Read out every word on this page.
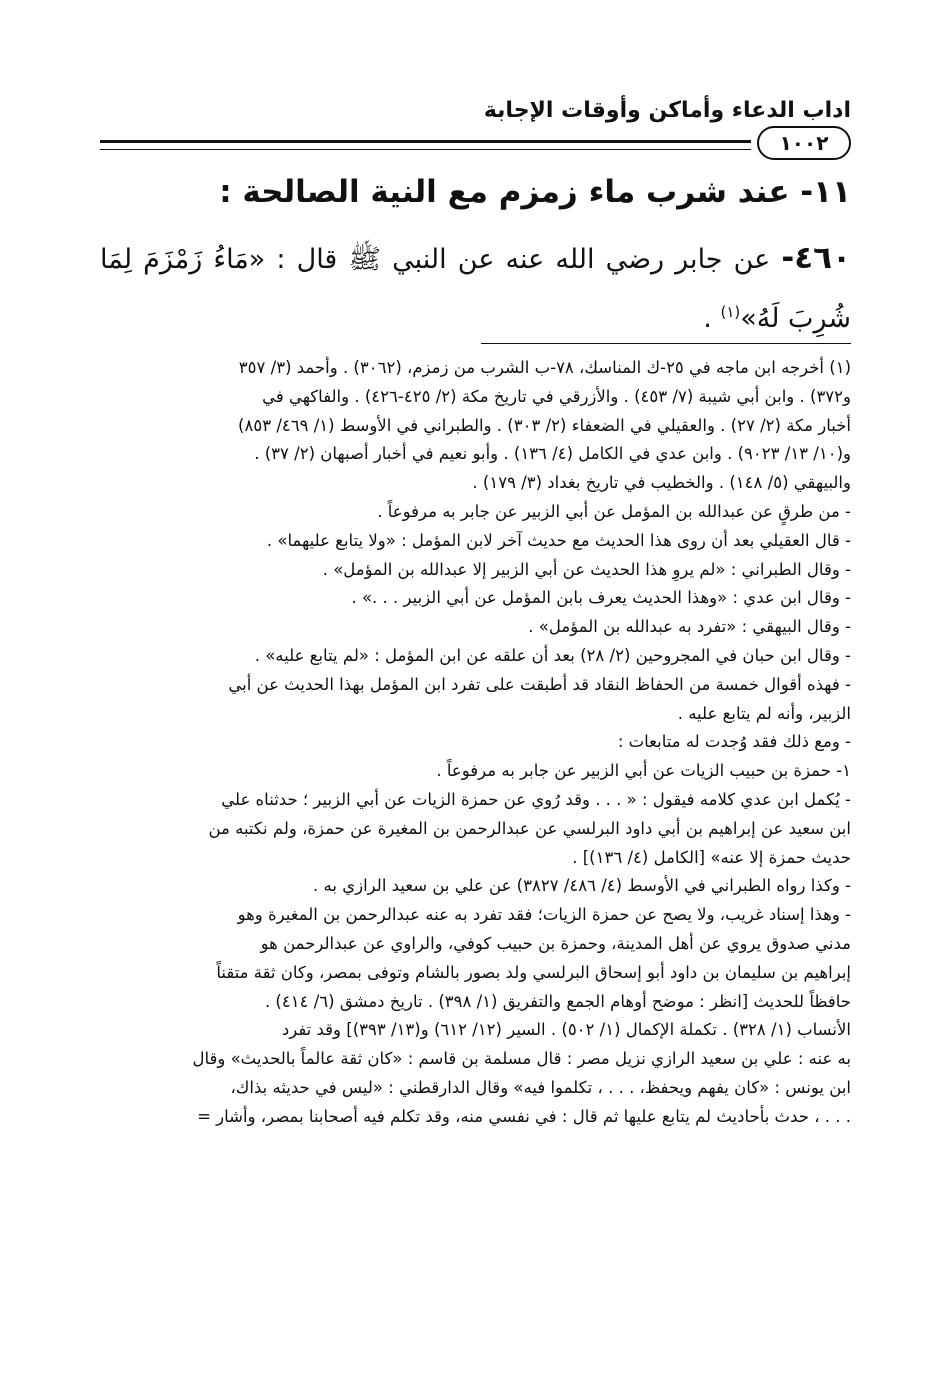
اداب الدعاء وأماكن وأوقات الإجابة
١٠٠٢
١١- عند شرب ماء زمزم مع النية الصالحة :
٤٦٠- عن جابر رضي الله عنه عن النبي ﷺ قال : «مَاءُ زَمْزَمَ لِمَا شُرِبَ لَهُ»$^{(١)}$ .
(١) أخرجه ابن ماجه في ٢٥-ك المناسك، ٧٨-ب الشرب من زمزم، (٣٠٦٢) . وأحمد (٣/ ٣٥٧
و٣٧٢) . وابن أبي شيبة (٧/ ٤٥٣) . والأزرقي في تاريخ مكة (٢/ ٤٢٥-٤٢٦) . والفاكهي في
أخبار مكة (٢/ ٢٧) . والعقيلي في الضعفاء (٢/ ٣٠٣) . والطبراني في الأوسط (١/ ٤٦٩/ ٨٥٣)
و(١٠/ ١٣/ ٩٠٢٣) . وابن عدي في الكامل (٤/ ١٣٦) . وأبو نعيم في أخبار أصبهان (٢/ ٣٧) .
والبيهقي (٥/ ١٤٨) . والخطيب في تاريخ بغداد (٣/ ١٧٩) .
- من طرقٍ عن عبدالله بن المؤمل عن أبي الزبير عن جابر به مرفوعاً .
- قال العقيلي بعد أن روى هذا الحديث مع حديث آخر لابن المؤمل : «ولا يتابع عليهما» .
- وقال الطبراني : «لم يروِ هذا الحديث عن أبي الزبير إلا عبدالله بن المؤمل» .
- وقال ابن عدي : «وهذا الحديث يعرف بابن المؤمل عن أبي الزبير . . .» .
- وقال البيهقي : «تفرد به عبدالله بن المؤمل» .
- وقال ابن حبان في المجروحين (٢/ ٢٨) بعد أن علقه عن ابن المؤمل : «لم يتابع عليه» .
- فهذه أقوال خمسة من الحفاظ النقاد قد أطبقت على تفرد ابن المؤمل بهذا الحديث عن أبي
الزبير، وأنه لم يتابع عليه .
- ومع ذلك فقد وُجدت له متابعات :
١- حمزة بن حبيب الزيات عن أبي الزبير عن جابر به مرفوعاً .
- يُكمل ابن عدي كلامه فيقول : « . . . وقد رُوي عن حمزة الزيات عن أبي الزبير ؛ حدثناه علي
ابن سعيد عن إبراهيم بن أبي داود البرلسي عن عبدالرحمن بن المغيرة عن حمزة، ولم نكتبه من
حديث حمزة إلا عنه» [الكامل (٤/ ١٣٦)] .
- وكذا رواه الطبراني في الأوسط (٤/ ٤٨٦/ ٣٨٢٧) عن علي بن سعيد الرازي به .
- وهذا إسناد غريب، ولا يصح عن حمزة الزيات؛ فقد تفرد به عنه عبدالرحمن بن المغيرة وهو
مدني صدوق يروي عن أهل المدينة، وحمزة بن حبيب كوفي، والراوي عن عبدالرحمن هو
إبراهيم بن سليمان بن داود أبو إسحاق البرلسي ولد بصور بالشام وتوفى بمصر، وكان ثقة متقناً
حافظاً للحديث [انظر : موضح أوهام الجمع والتفريق (١/ ٣٩٨) . تاريخ دمشق (٦/ ٤١٤) .
الأنساب (١/ ٣٢٨) . تكملة الإكمال (١/ ٥٠٢) . السير (١٢/ ٦١٢) و(١٣/ ٣٩٣)] وقد تفرد
به عنه : علي بن سعيد الرازي نزيل مصر : قال مسلمة بن قاسم : «كان ثقة عالماً بالحديث» وقال
ابن يونس : «كان يفهم ويحفظ، . . . ، تكلموا فيه» وقال الدارقطني : «ليس في حديثه بذاك،
. . . ، حدث بأحاديث لم يتابع عليها ثم قال : في نفسي منه، وقد تكلم فيه أصحابنا بمصر، وأشار =
